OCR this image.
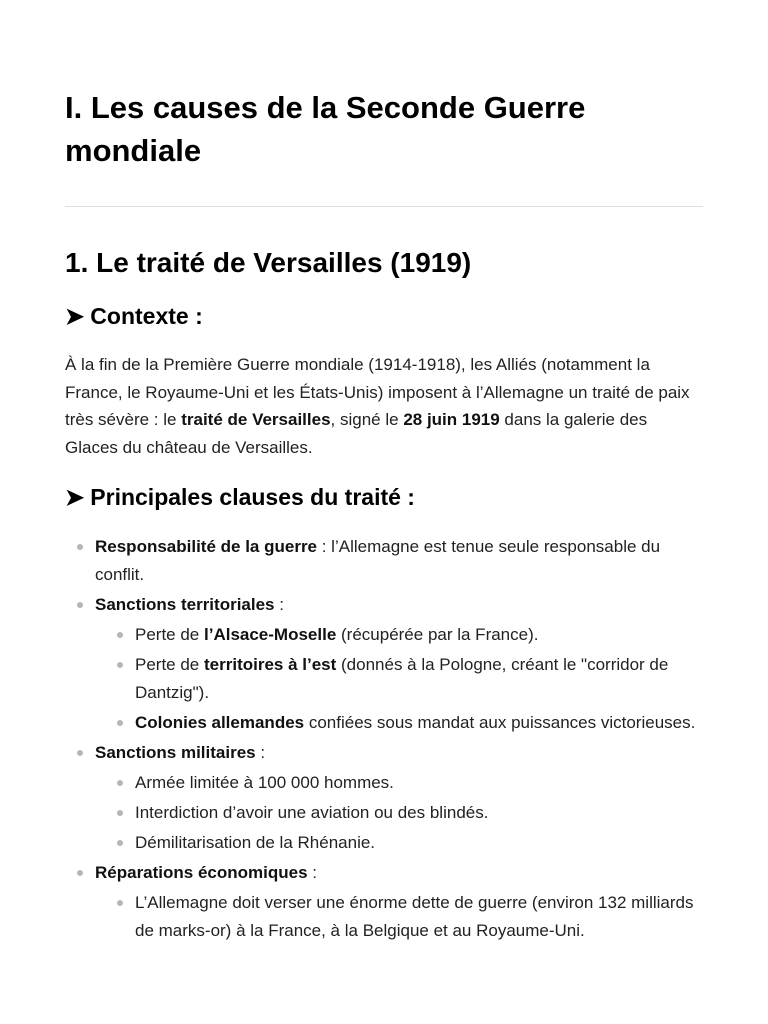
I. Les causes de la Seconde Guerre mondiale
1. Le traité de Versailles (1919)
➤ Contexte :

À la fin de la Première Guerre mondiale (1914-1918), les Alliés (notamment la France, le Royaume-Uni et les États-Unis) imposent à l’Allemagne un traité de paix très sévère : le traité de Versailles, signé le 28 juin 1919 dans la galerie des Glaces du château de Versailles.

➤ Principales clauses du traité :
Responsabilité de la guerre : l’Allemagne est tenue seule responsable du conflit.
Sanctions territoriales :
Perte de l’Alsace-Moselle (récupérée par la France).
Perte de territoires à l’est (donnés à la Pologne, créant le "corridor de Dantzig").
Colonies allemandes confiées sous mandat aux puissances victorieuses.
Sanctions militaires :
Armée limitée à 100 000 hommes.
Interdiction d’avoir une aviation ou des blindés.
Démilitarisation de la Rhénanie.
Réparations économiques :
L’Allemagne doit verser une énorme dette de guerre (environ 132 milliards de marks-or) à la France, à la Belgique et au Royaume-Uni.
